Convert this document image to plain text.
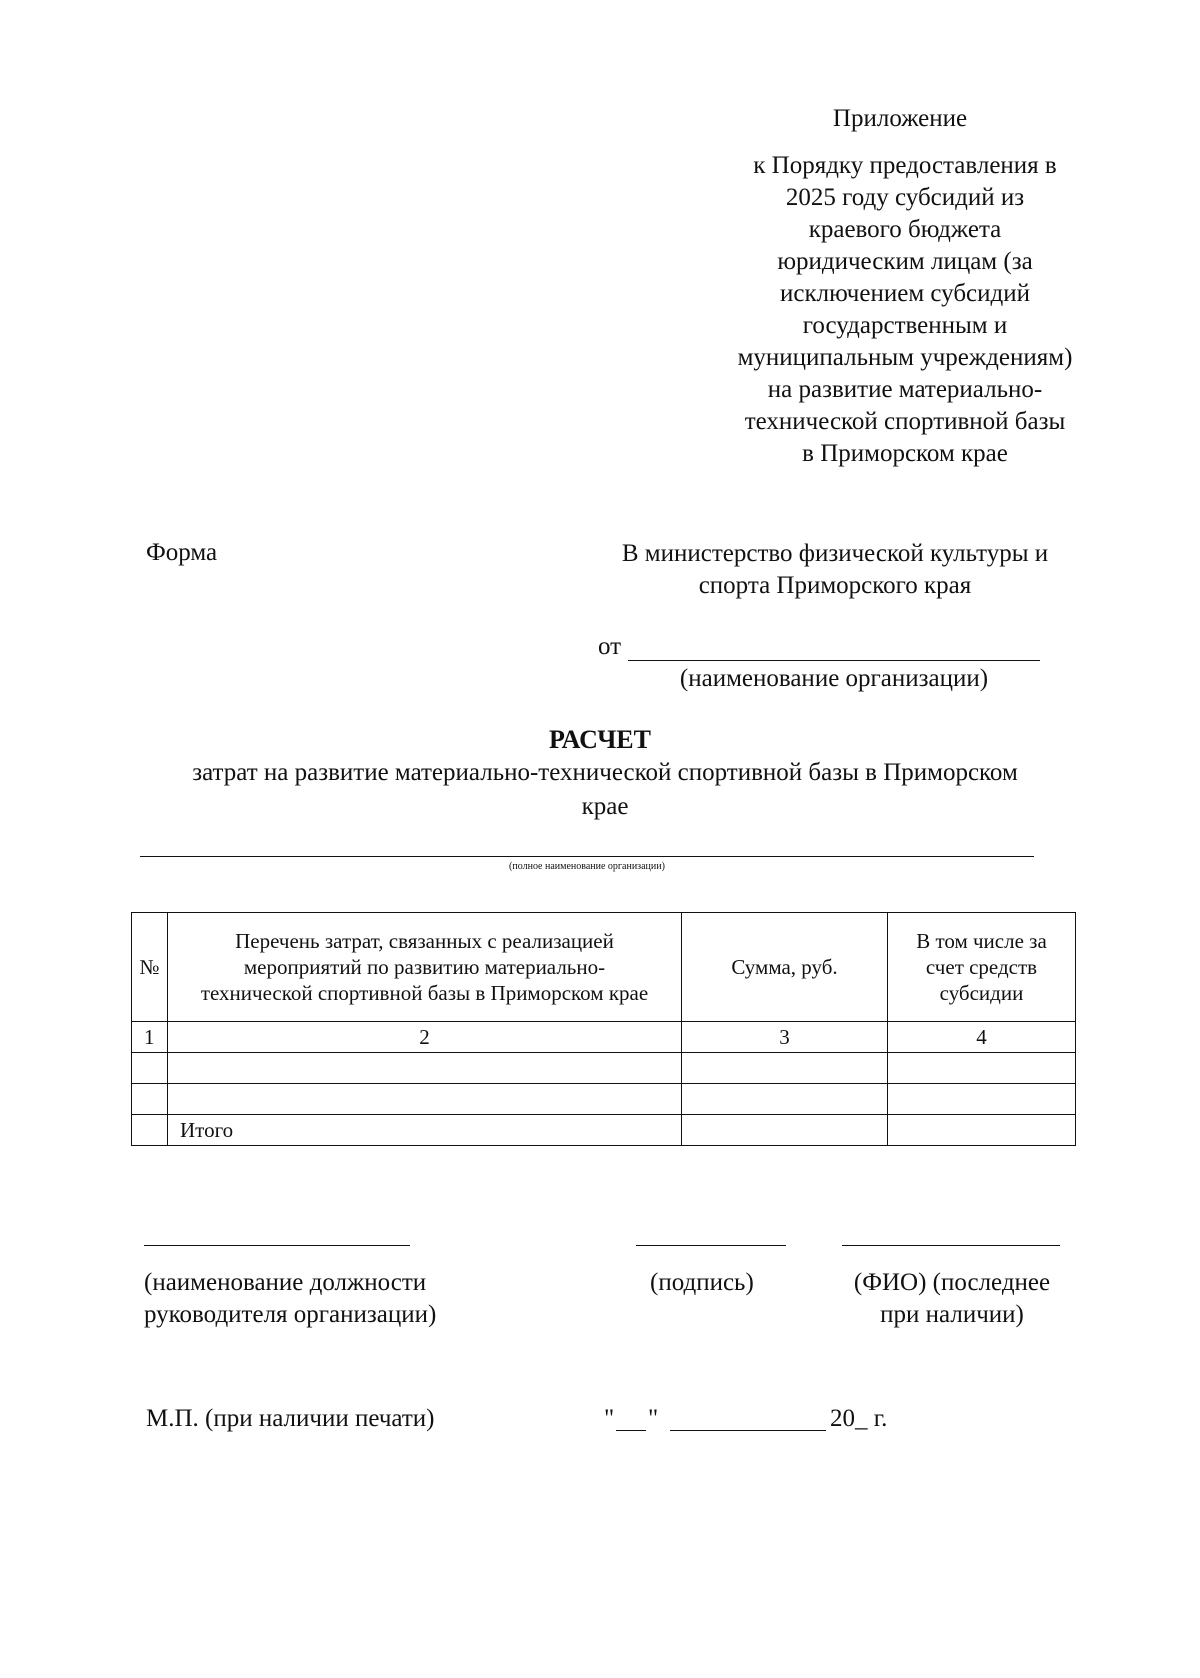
Приложение
к Порядку предоставления в
2025 году субсидий из
краевого бюджета
юридическим лицам (за
исключением субсидий
государственным и
муниципальным учреждениям)
на развитие материально-
технической спортивной базы
в Приморском крае
Форма	В министерство физической культуры и
спорта Приморского края
от
(наименование организации)
РАСЧЕТ
затрат на развитие материально-технической спортивной базы в Приморском
крае
(полное наименование организации)
№	Перечень затрат, связанных с реализацией мероприятий по развитию материально-технической спортивной базы в Приморском крае	Сумма, руб.	В том числе за счет средств субсидии
1	2	3	4

	Итого		
(наименование должности
руководителя организации)
(подпись)	(ФИО) (последнее
при наличии)
М.П. (при наличии печати)	" "	20_ г.
